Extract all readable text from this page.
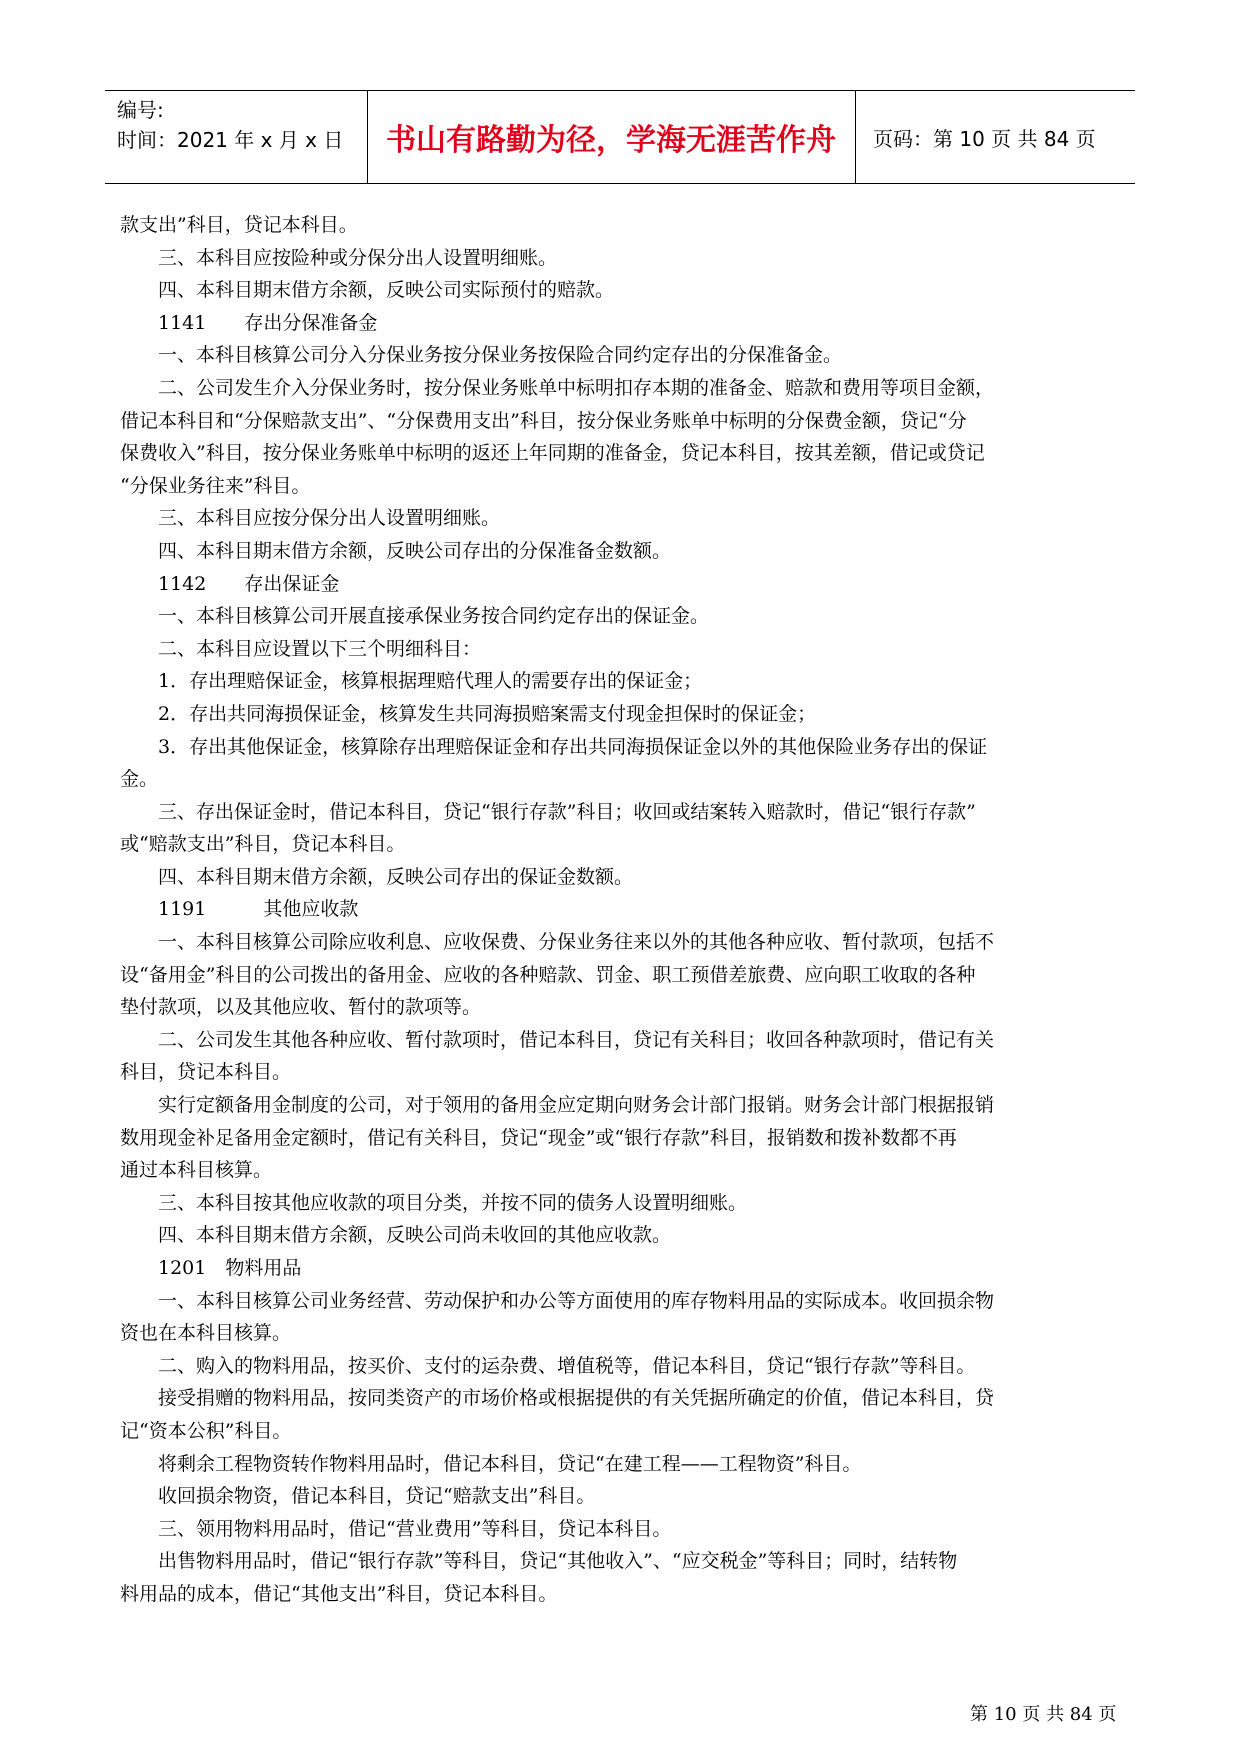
编号:
时间：2021 年 x 月 x 日	书山有路勤为径，学海无涯苦作舟	页码：第 10 页 共 84 页

款支出”科目，贷记本科目。

　　三、本科目应按险种或分保分出人设置明细账。

　　四、本科目期末借方余额，反映公司实际预付的赔款。

　　1141　　存出分保准备金

　　一、本科目核算公司分入分保业务按分保业务按保险合同约定存出的分保准备金。

　　二、公司发生介入分保业务时，按分保业务账单中标明扣存本期的准备金、赔款和费用等项目金额，

借记本科目和“分保赔款支出”、“分保费用支出”科目，按分保业务账单中标明的分保费金额，贷记“分

保费收入”科目，按分保业务账单中标明的返还上年同期的准备金，贷记本科目，按其差额，借记或贷记

“分保业务往来”科目。

　　三、本科目应按分保分出人设置明细账。

　　四、本科目期末借方余额，反映公司存出的分保准备金数额。

　　1142　　存出保证金

　　一、本科目核算公司开展直接承保业务按合同约定存出的保证金。

　　二、本科目应设置以下三个明细科目：

　　1．存出理赔保证金，核算根据理赔代理人的需要存出的保证金；

　　2．存出共同海损保证金，核算发生共同海损赔案需支付现金担保时的保证金；

　　3．存出其他保证金，核算除存出理赔保证金和存出共同海损保证金以外的其他保险业务存出的保证

金。

　　三、存出保证金时，借记本科目，贷记“银行存款”科目；收回或结案转入赔款时，借记“银行存款”

或“赔款支出”科目，贷记本科目。

　　四、本科目期末借方余额，反映公司存出的保证金数额。

　　1191　　　其他应收款

　　一、本科目核算公司除应收利息、应收保费、分保业务往来以外的其他各种应收、暂付款项，包括不

设“备用金”科目的公司拨出的备用金、应收的各种赔款、罚金、职工预借差旅费、应向职工收取的各种

垫付款项，以及其他应收、暂付的款项等。

　　二、公司发生其他各种应收、暂付款项时，借记本科目，贷记有关科目；收回各种款项时，借记有关

科目，贷记本科目。

　　实行定额备用金制度的公司，对于领用的备用金应定期向财务会计部门报销。财务会计部门根据报销

数用现金补足备用金定额时，借记有关科目，贷记“现金”或“银行存款”科目，报销数和拨补数都不再

通过本科目核算。

　　三、本科目按其他应收款的项目分类，并按不同的债务人设置明细账。

　　四、本科目期末借方余额，反映公司尚未收回的其他应收款。

　　1201　物料用品

　　一、本科目核算公司业务经营、劳动保护和办公等方面使用的库存物料用品的实际成本。收回损余物

资也在本科目核算。

　　二、购入的物料用品，按买价、支付的运杂费、增值税等，借记本科目，贷记“银行存款”等科目。

　　接受捐赠的物料用品，按同类资产的市场价格或根据提供的有关凭据所确定的价值，借记本科目，贷

记“资本公积”科目。

　　将剩余工程物资转作物料用品时，借记本科目，贷记“在建工程——工程物资”科目。

　　收回损余物资，借记本科目，贷记“赔款支出”科目。

　　三、领用物料用品时，借记“营业费用”等科目，贷记本科目。

　　出售物料用品时，借记“银行存款”等科目，贷记“其他收入”、“应交税金”等科目；同时，结转物

料用品的成本，借记“其他支出”科目，贷记本科目。

第 10 页 共 84 页
